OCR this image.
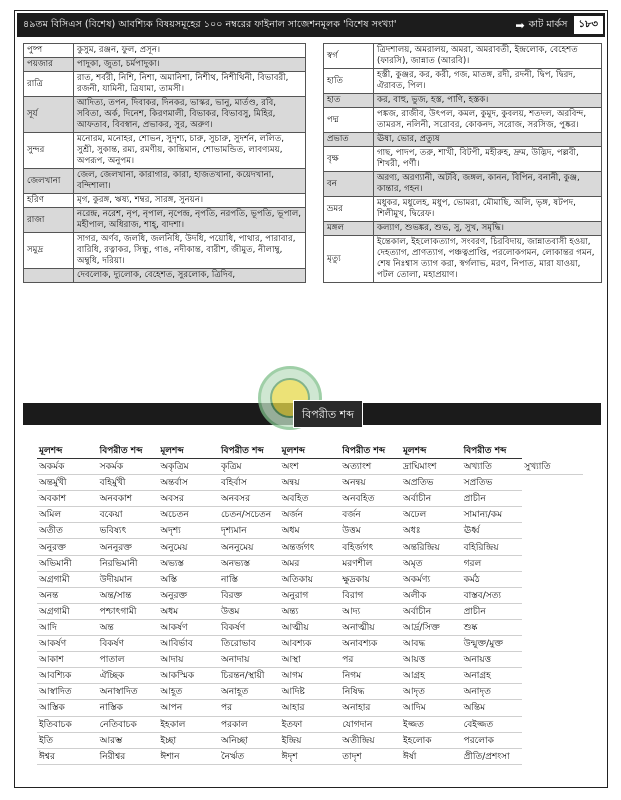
৪৯তম বিসিএস (বিশেষ) আবশ্যিক বিষয়সমূহের ১০০ নম্বরের ফাইনাল সাজেশনমূলক 'বিশেষ সংখ্যা'	➡ কাট মার্কস	১৮৩
পুষ্প	কুসুম, রঞ্জন, ফুল, প্রসূন।
পয়জার	পাদুকা, জুতা, চর্মপাদুকা।
রাত্রি	রাত, শর্বরী, নিশি, নিশা, অমানিশা, নিশীথ, নিশীথিনী, বিভাবরী, রজনী, যামিনী, ত্রিযামা, তামসী।
সূর্য	আদিত্য, তপন, দিবাকর, দিনকর, ভাস্কর, ভানু, মার্তণ্ড, রবি, সবিতা, অর্ক, দিনেশ, কিরণমালী, বিভাকর, বিভাবসু, মিহির, আফতাব, বিবস্বান, প্রভাকর, সুর, অরুণ।
সুন্দর	মনোরম, মনোহর, শোভন, সুদৃশ্য, চারু, সুচারু, সুদর্শন, ললিত, সুশ্রী, সুকান্ত, রম্য, রমণীয়, কান্তিমান, শোভামন্ডিত, লাবণ্যময়, অপরূপ, অনুপম।
জেলখানা	জেল, জেলখানা, কারাগার, কারা, হাজতখানা, কয়েদখানা, বন্দিশালা।
হরিণ	মৃগ, কুরঙ্গ, ঋষ্য, শম্বর, সারঙ্গ, সুনয়ন।
রাজা	নরেন্দ্র, নরেশ, নৃপ, নৃপাল, নৃপেন্দ্র, নৃপতি, নরপতি, ভূপতি, ভূপাল, মহীপাল, অধিরাজ, শাহ্‌, বাদশা।
সমুদ্র	সাগর, অর্ণব, জলধি, জলনিধি, উদধি, পয়োধি, পাথার, পারাবার, বারিধি, রত্নাকর, সিন্ধু, গাঙ, নদীকান্ত, বারীশ, জীমুত, নীলাম্বু, অম্বুধি, দরিয়া।
	দেবলোক, দ্যুলোক, বেহেশত, সুরলোক, ত্রিদিব,
স্বর্গ	ত্রিদশালয়, অমরালয়, অমরা, অমরাবতী, ইন্দ্রলোক, বেহেশত (ফারসি), জান্নাত (আরবি)।
হাতি	হস্তী, কুঞ্জর, কর, করী, গজ, মাতঙ্গ, রদী, রদনী, দ্বিপ, দ্বিরদ, ঐরাবত, পিল।
হাত	কর, বাহু, ভুজ, হস্ত, পাণি, হস্তক।
পদ্ম	পঙ্কজ, রাজীব, উৎপল, কমল, কুমুদ, কুবলয়, শতদল, অরবিন্দ, তামরস, নলিনী, সরোবর, কোকনদ, সরোজ, সরসিজ, পুষ্কর।
প্রভাত	ঊষা, ভোর, প্রত্যুষ
বৃক্ষ	গাছ, পাদপ, তরু, শাখী, বিটপী, মহীরুহ, দ্রুম, উদ্ভিদ, পল্লবী, শিখরী, পর্ণী।
বন	অরণ্য, অরণ্যানী, অটবি, জঙ্গল, কানন, বিপিন, বনানী, কুঞ্জ, কান্তার, গহন।
ভ্রমর	মধুকর, মধুলেহ, মধুপ, ভোমরা, মৌমাছি, অলি, ভৃঙ্গ, ষটপদ, শিলীমুখ, দ্বিরেফ।
মঙ্গল	কল্যাণ, শুভঙ্কর, শুভ, সু, সুখ, সমৃদ্ধি।
মৃত্যু	ইন্তেকাল, ইহলোকত্যাগ, সংবরণ, চিরবিদায়, জান্নাতবাসী হওয়া, দেহত্যাগ, প্রাণত্যাগ, পঞ্চত্বপ্রাপ্তি, পরলোকগমন, লোকান্তর গমন, শেষ নিঃশ্বাস ত্যাগ করা, স্বর্গলাভ, মরণ, নিপাত, মারা যাওয়া, পটল তোলা, মহাপ্রয়াণ।
বিপরীত শব্দ
মূলশব্দ	বিপরীত শব্দ	মূলশব্দ	বিপরীত শব্দ	মূলশব্দ	বিপরীত শব্দ	মূলশব্দ	বিপরীত শব্দ	
অকর্মক	সকর্মক	অকৃত্রিম	কৃত্রিম	অংশ	অত্যাংশ	দ্রাঘিমাংশ	অখ্যাতি	সুখ্যাতি
অন্তর্মুখী	বহির্মুখী	অন্তর্বাস	বহির্বাস	অন্বয়	অনন্বয়	অপ্রতিভ	সপ্রতিভ	
অবকাশ	অনবকাশ	অবসর	অনবসর	অবহিত	অনবহিত	অর্বাচীন	প্রাচীন	
অমিল	বকেয়া	অচেতন	চেতন/সচেতন	অর্জন	বর্জন	অঢেল	সামান্য/কম	
অতীত	ভবিষ্যৎ	অদৃশ্য	দৃশ্যমান	অধম	উত্তম	অধঃ	ঊর্ধ্ব	
অনুরক্ত	অননুরক্ত	অনুমেয়	অননুমেয়	অন্তর্জগৎ	বহির্জগৎ	অন্তরিন্দ্রিয়	বহিরিন্দ্রিয়	
অভিমানী	নিরভিমানী	অভ্যস্ত	অনভ্যস্ত	অমর	মরণশীল	অমৃত	গরল	
অগ্রগামী	উদীয়মান	অস্তি	নাস্তি	অতিকায়	ক্ষুদ্রকায়	অকর্মণ্য	কর্মঠ	
অনন্ত	অন্ত/সান্ত	অনুরক্ত	বিরক্ত	অনুরাগ	বিরাগ	অলীক	বাস্তব/সত্য	
অগ্রগামী	পশ্চাৎগামী	অধম	উত্তম	অন্ত্য	আদ্য	অর্বাচীন	প্রাচীন	
আদি	অন্ত	আকর্ষণ	বিকর্ষণ	আত্মীয়	অনাত্মীয়	আর্দ্র/সিক্ত	শুষ্ক	
আকর্ষণ	বিকর্ষণ	আবির্ভাব	তিরোভাব	আবশ্যক	অনাবশ্যক	আবদ্ধ	উন্মুক্ত/মুক্ত	
আকাশ	পাতাল	আদায়	অনাদায়	আস্থা	পর	আয়ত্ত	অনায়ত্ত	
আবশ্যিক	ঐচ্ছিক	আকস্মিক	চিরন্তন/স্থায়ী	আগম	নিগম	আগ্রহ	অনাগ্রহ	
আস্বাদিত	অনাস্বাদিত	আহূত	অনাহূত	আদিষ্ট	নিষিদ্ধ	আদৃত	অনাদৃত	
আস্তিক	নাস্তিক	আপন	পর	আহার	অনাহার	আদিম	অন্তিম	
ইতিবাচক	নেতিবাচক	ইহকাল	পরকাল	ইতফা	যোগদান	ইজ্জত	বেইজ্জত	
ইতি	আরম্ভ	ইচ্ছা	অনিচ্ছা	ইন্দ্রিয়	অতীন্দ্রিয়	ইহলোক	পরলোক	
ঈশ্বর	নিরীশ্বর	ঈশান	নৈর্ঋত	ঈদৃশ	তাদৃশ	ঈর্ষা	প্রীতি/প্রশংসা	
